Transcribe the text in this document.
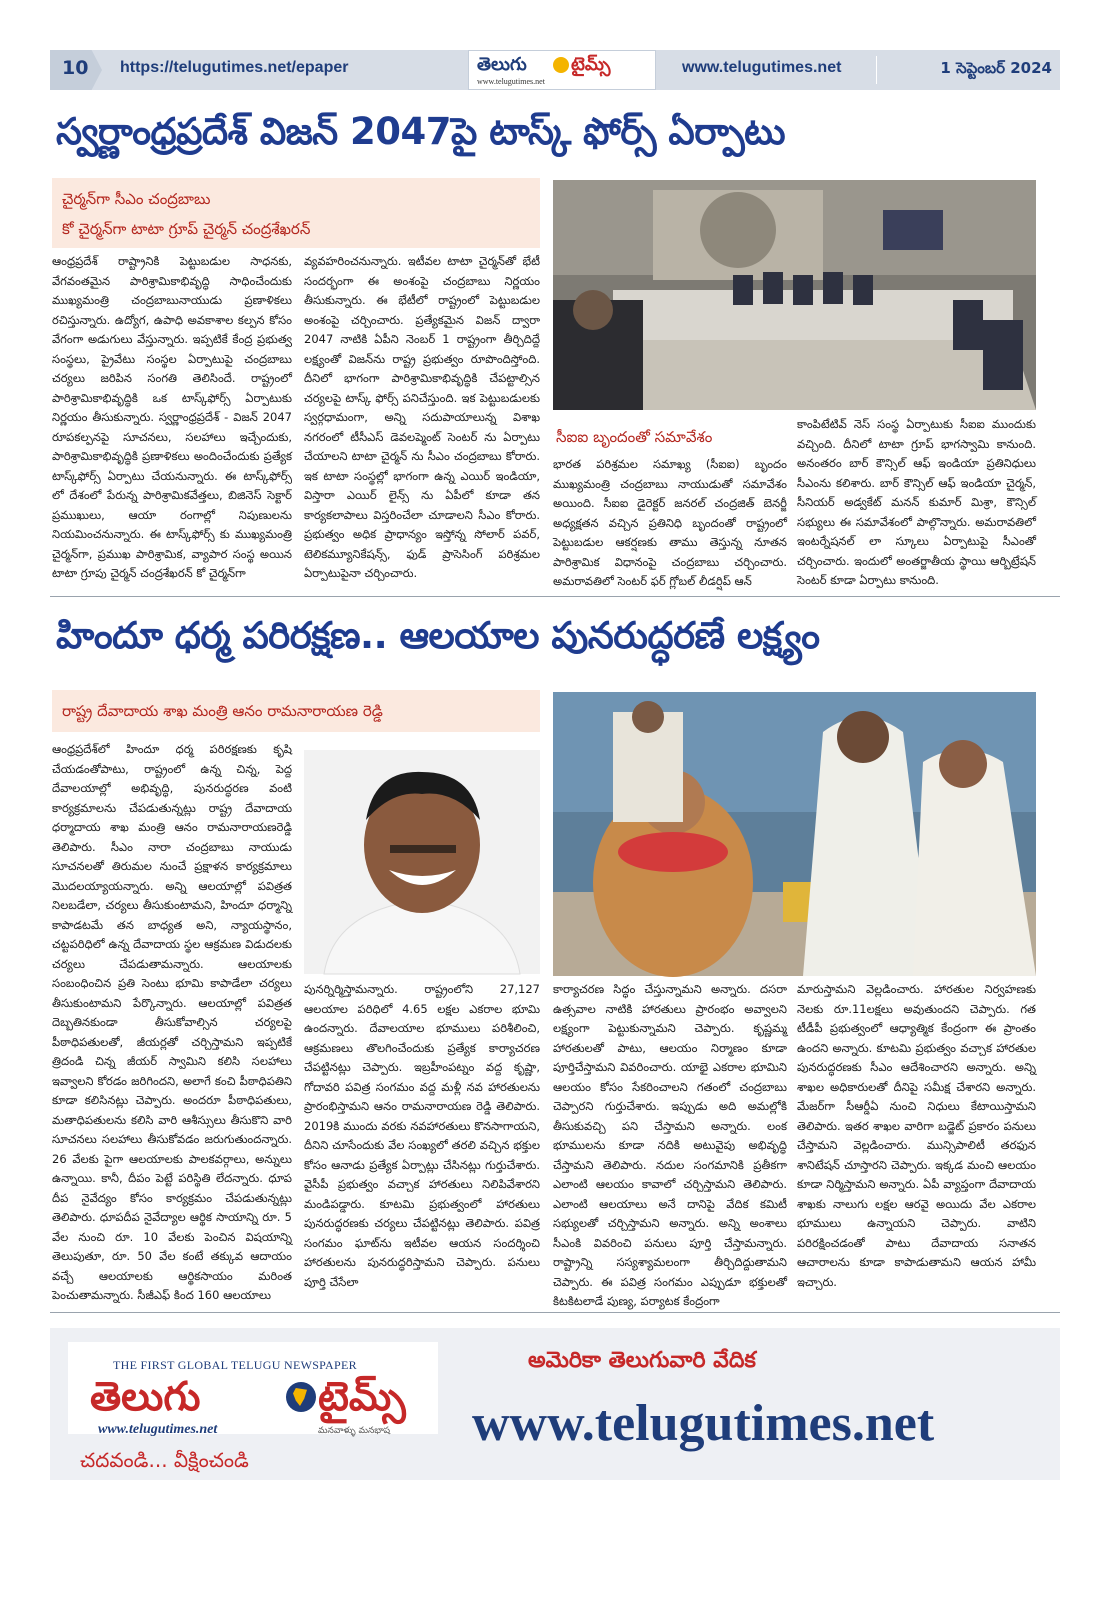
10 https://telugutimes.net/epaper	తెలుగు టైమ్స్
www.telugutimes.net
www.telugutimes.net	1 సెప్టెంబర్ 2024
స్వర్ణాంధ్రప్రదేశ్ విజన్ 2047పై టాస్క్ ఫోర్స్ ఏర్పాటు
చైర్మన్‌గా సీఎం చంద్రబాబు
కో చైర్మన్‌గా టాటా గ్రూప్ చైర్మన్ చంద్రశేఖరన్
ఆంధ్రప్రదేశ్ రాష్ట్రానికి పెట్టుబడుల సాధనకు, వేగవంతమైన పారిశ్రామికాభివృద్ధి సాధించేందుకు ముఖ్యమంత్రి చంద్రబాబునాయుడు ప్రణాళికలు రచిస్తున్నారు. ఉద్యోగ, ఉపాధి అవకాశాల కల్పన కోసం వేగంగా అడుగులు వేస్తున్నారు. ఇప్పటికే కేంద్ర ప్రభుత్వ సంస్థలు, ప్రైవేటు సంస్థల ఏర్పాటుపై చంద్రబాబు చర్యలు జరిపిన సంగతి తెలిసిందే. రాష్ట్రంలో పారిశ్రామికాభివృద్ధికి ఒక టాస్క్‌ఫోర్స్ ఏర్పాటుకు నిర్ణయం తీసుకున్నారు. స్వర్ణాంధ్రప్రదేశ్ - విజన్ 2047 రూపకల్పనపై సూచనలు, సలహాలు ఇచ్చేందుకు, పారిశ్రామికాభివృద్ధికి ప్రణాళికలు అందించేందుకు ప్రత్యేక టాస్క్‌ఫోర్స్ ఏర్పాటు చేయనున్నారు. ఈ టాస్క్‌ఫోర్స్ లో దేశంలో పేరున్న పారిశ్రామికవేత్తలు, బిజినెస్ సెక్టార్ ప్రముఖులు, ఆయా రంగాల్లో నిపుణులను నియమించనున్నారు. ఈ టాస్క్‌ఫోర్స్ కు ముఖ్యమంత్రి చైర్మన్‌గా, ప్రముఖ పారిశ్రామిక, వ్యాపార సంస్థ అయిన టాటా గ్రూపు చైర్మన్ చంద్రశేఖరన్ కో చైర్మన్‌గా
వ్యవహరించనున్నారు. ఇటీవల టాటా చైర్మన్‌తో భేటీ సందర్భంగా ఈ అంశంపై చంద్రబాబు నిర్ణయం తీసుకున్నారు. ఈ భేటీలో రాష్ట్రంలో పెట్టుబడుల అంశంపై చర్చించారు. ప్రత్యేకమైన విజన్ ద్వారా 2047 నాటికి ఏపీని నెంబర్ 1 రాష్ట్రంగా తీర్చిదిద్దే లక్ష్యంతో విజన్‌ను రాష్ట్ర ప్రభుత్వం రూపొందిస్తోంది. దీనిలో భాగంగా పారిశ్రామికాభివృద్ధికి చేపట్టాల్సిన చర్యలపై టాస్క్ ఫోర్స్ పనిచేస్తుంది. ఇక పెట్టుబడులకు స్వర్గధామంగా, అన్ని సదుపాయాలున్న విశాఖ నగరంలో టీసీఎస్ డెవలప్మెంట్ సెంటర్ ను ఏర్పాటు చేయాలని టాటా చైర్మన్ ను సీఎం చంద్రబాబు కోరారు. ఇక టాటా సంస్థల్లో భాగంగా ఉన్న ఎయిర్ ఇండియా, విస్తారా ఎయిర్ లైన్స్ ను ఏపీలో కూడా తన కార్యకలాపాలు విస్తరించేలా చూడాలని సీఎం కోరారు. ప్రభుత్వం అధిక ప్రాధాన్యం ఇస్తోన్న సోలార్ పవర్, టెలికమ్యూనికేషన్స్, ఫుడ్ ప్రాసెసింగ్ పరిశ్రమల ఏర్పాటుపైనా చర్చించారు.
సీఐఐ బృందంతో సమావేశం
భారత పరిశ్రమల సమాఖ్య (సీఐఐ) బృందం ముఖ్యమంత్రి చంద్రబాబు నాయుడుతో సమావేశం అయింది. సీఐఐ డైరెక్టర్ జనరల్ చంద్రజిత్ బెనర్జీ అధ్యక్షతన వచ్చిన ప్రతినిధి బృందంతో రాష్ట్రంలో పెట్టుబడుల ఆకర్షణకు తాము తెస్తున్న నూతన పారిశ్రామిక విధానంపై చంద్రబాబు చర్చించారు. అమరావతిలో సెంటర్ ఫర్ గ్లోబల్ లీడర్షిప్ ఆన్
కాంపిటేటివ్ నెస్ సంస్థ ఏర్పాటుకు సీఐఐ ముందుకు వచ్చింది. దీనిలో టాటా గ్రూప్ భాగస్వామి కానుంది. అనంతరం బార్ కౌన్సిల్ ఆఫ్ ఇండియా ప్రతినిధులు సీఎంను కలిశారు. బార్ కౌన్సిల్ ఆఫ్ ఇండియా చైర్మన్, సీనియర్ అడ్వకేట్ మనన్ కుమార్ మిశ్రా, కౌన్సిల్ సభ్యులు ఈ సమావేశంలో పాల్గొన్నారు. అమరావతిలో ఇంటర్నేషనల్ లా స్కూలు ఏర్పాటుపై సీఎంతో చర్చించారు. ఇందులో అంతర్జాతీయ స్థాయి ఆర్బిట్రేషన్ సెంటర్ కూడా ఏర్పాటు కానుంది.
హిందూ ధర్మ పరిరక్షణ.. ఆలయాల పునరుద్ధరణే లక్ష్యం
రాష్ట్ర దేవాదాయ శాఖ మంత్రి ఆనం రామనారాయణ రెడ్డి
ఆంధ్రప్రదేశ్‌లో హిందూ ధర్మ పరిరక్షణకు కృషి చేయడంతోపాటు, రాష్ట్రంలో ఉన్న చిన్న, పెద్ద దేవాలయాల్లో అభివృద్ధి, పునరుద్ధరణ వంటి కార్యక్రమాలను చేపడుతున్నట్లు రాష్ట్ర దేవాదాయ ధర్మాదాయ శాఖ మంత్రి ఆనం రామనారాయణరెడ్డి తెలిపారు. సీఎం నారా చంద్రబాబు నాయుడు సూచనలతో తిరుమల నుంచే ప్రక్షాళన కార్యక్రమాలు మొదలయ్యాయన్నారు. అన్ని ఆలయాల్లో పవిత్రత నిలబడేలా, చర్యలు తీసుకుంటామని, హిందూ ధర్మాన్ని కాపాడటమే తన బాధ్యత అని, న్యాయస్థానం, చట్టపరిధిలో ఉన్న దేవాదాయ స్థల ఆక్రమణ విడుదలకు చర్యలు చేపడుతామన్నారు. ఆలయాలకు సంబంధించిన ప్రతి సెంటు భూమి కాపాడేలా చర్యలు తీసుకుంటామని పేర్కొన్నారు. ఆలయాల్లో పవిత్రత దెబ్బతినకుండా తీసుకోవాల్సిన చర్యలపై పీఠాధిపతులతో, జీయర్లతో చర్చిస్తామని ఇప్పటికే త్రిదండి చిన్న జీయర్ స్వామిని కలిసి సలహాలు ఇవ్వాలని కోరడం జరిగిందని, అలాగే కంచి పీఠాధిపతిని కూడా కలిసినట్లు చెప్పారు. అందరూ పీఠాధిపతులు, మతాధిపతులను కలిసి వారి ఆశీస్సులు తీసుకొని వారి సూచనలు సలహాలు తీసుకోవడం జరుగుతుందన్నారు. 26 వేలకు పైగా ఆలయాలకు పాలకవర్గాలు, అన్నులు ఉన్నాయి. కానీ, దీపం పెట్టే పరిస్థితి లేదన్నారు. ధూప దీప నైవేద్యం కోసం కార్యక్రమం చేపడుతున్నట్లు తెలిపారు. ధూపదీప నైవేద్యాల ఆర్థిక సాయాన్ని రూ. 5 వేల నుంచి రూ. 10 వేలకు పెంచిన విషయాన్ని తెలుపుతూ, రూ. 50 వేల కంటే తక్కువ ఆదాయం వచ్చే ఆలయాలకు ఆర్థికసాయం మరింత పెంచుతామన్నారు. సీజీఎఫ్ కింద 160 ఆలయాలు
పునర్నిర్మిస్తామన్నారు. రాష్ట్రంలోని 27,127 ఆలయాల పరిధిలో 4.65 లక్షల ఎకరాల భూమి ఉందన్నారు. దేవాలయాల భూములు పరిశీలించి, ఆక్రమణలు తొలగించేందుకు ప్రత్యేక కార్యాచరణ చేపట్టినట్లు చెప్పారు. ఇబ్రహీంపట్నం వద్ద కృష్ణా, గోదావరి పవిత్ర సంగమం వద్ద మళ్లీ నవ హారతులను ప్రారంభిస్తామని ఆనం రామనారాయణ రెడ్డి తెలిపారు. 2019కి ముందు వరకు నవహారతులు కొనసాగాయని, దీనిని చూసేందుకు వేల సంఖ్యలో తరలి వచ్చిన భక్తుల కోసం ఆనాడు ప్రత్యేక ఏర్పాట్లు చేసినట్లు గుర్తుచేశారు. వైసీపీ ప్రభుత్వం వచ్చాక హారతులు నిలిపివేశారని మండిపడ్డారు. కూటమి ప్రభుత్వంలో హారతులు పునరుద్ధరణకు చర్యలు చేపట్టినట్లు తెలిపారు. పవిత్ర సంగమం ఘాట్‌ను ఇటీవల ఆయన సందర్శించి హారతులను పునరుద్ధరిస్తామని చెప్పారు. పనులు పూర్తి చేసేలా
కార్యాచరణ సిద్ధం చేస్తున్నామని అన్నారు. దసరా ఉత్సవాల నాటికి హారతులు ప్రారంభం అవ్వాలని లక్ష్యంగా పెట్టుకున్నామని చెప్పారు. కృష్ణమ్మ హారతులతో పాటు, ఆలయం నిర్మాణం కూడా పూర్తిచేస్తామని వివరించారు. యాభై ఎకరాల భూమిని ఆలయం కోసం సేకరించాలని గతంలో చంద్రబాబు చెప్పారని గుర్తుచేశారు. ఇప్పుడు అది అమల్లోకి తీసుకువచ్చి పని చేస్తామని అన్నారు. లంక భూములను కూడా నదికి అటువైపు అభివృద్ధి చేస్తామని తెలిపారు. నదుల సంగమానికి ప్రతీకగా ఎలాంటి ఆలయం కావాలో చర్చిస్తామని తెలిపారు. ఎలాంటి ఆలయాలు అనే దానిపై వేదిక కమిటీ సభ్యులతో చర్చిస్తామని అన్నారు. అన్ని అంశాలు సీఎంకి వివరించి పనులు పూర్తి చేస్తామన్నారు. రాష్ట్రాన్ని సస్యశ్యామలంగా తీర్చిదిద్దుతామని చెప్పారు. ఈ పవిత్ర సంగమం ఎప్పుడూ భక్తులతో కిటకిటలాడే పుణ్య, పర్యాటక కేంద్రంగా
మారుస్తామని వెల్లడించారు. హారతుల నిర్వహణకు నెలకు రూ.11లక్షలు అవుతుందని చెప్పారు. గత టీడీపీ ప్రభుత్వంలో ఆధ్యాత్మిక కేంద్రంగా ఈ ప్రాంతం ఉందని అన్నారు. కూటమి ప్రభుత్వం వచ్చాక హారతుల పునరుద్ధరణకు సీఎం ఆదేశించారని అన్నారు. అన్ని శాఖల అధికారులతో దీనిపై సమీక్ష చేశారని అన్నారు. మేజర్‌గా సీఆర్డీఏ నుంచి నిధులు కేటాయిస్తామని తెలిపారు. ఇతర శాఖల వారిగా బడ్జెట్ ప్రకారం పనులు చేస్తామని వెల్లడించారు. మున్సిపాలిటీ తరఫున శానిటేషన్ చూస్తారని చెప్పారు. ఇక్కడ మంచి ఆలయం కూడా నిర్మిస్తామని అన్నారు. ఏపీ వ్యాప్తంగా దేవాదాయ శాఖకు నాలుగు లక్షల ఆరవై అయిదు వేల ఎకరాల భూములు ఉన్నాయని చెప్పారు. వాటిని పరిరక్షించడంతో పాటు దేవాదాయ సనాతన ఆచారాలను కూడా కాపాడుతామని ఆయన హామీ ఇచ్చారు.
THE FIRST GLOBAL TELUGU NEWSPAPER
తెలుగు	టైమ్స్
www.telugutimes.net	మనవాళ్ళు మనభాష
చదవండి... వీక్షించండి
అమెరికా తెలుగువారి వేదిక
www.telugutimes.net
